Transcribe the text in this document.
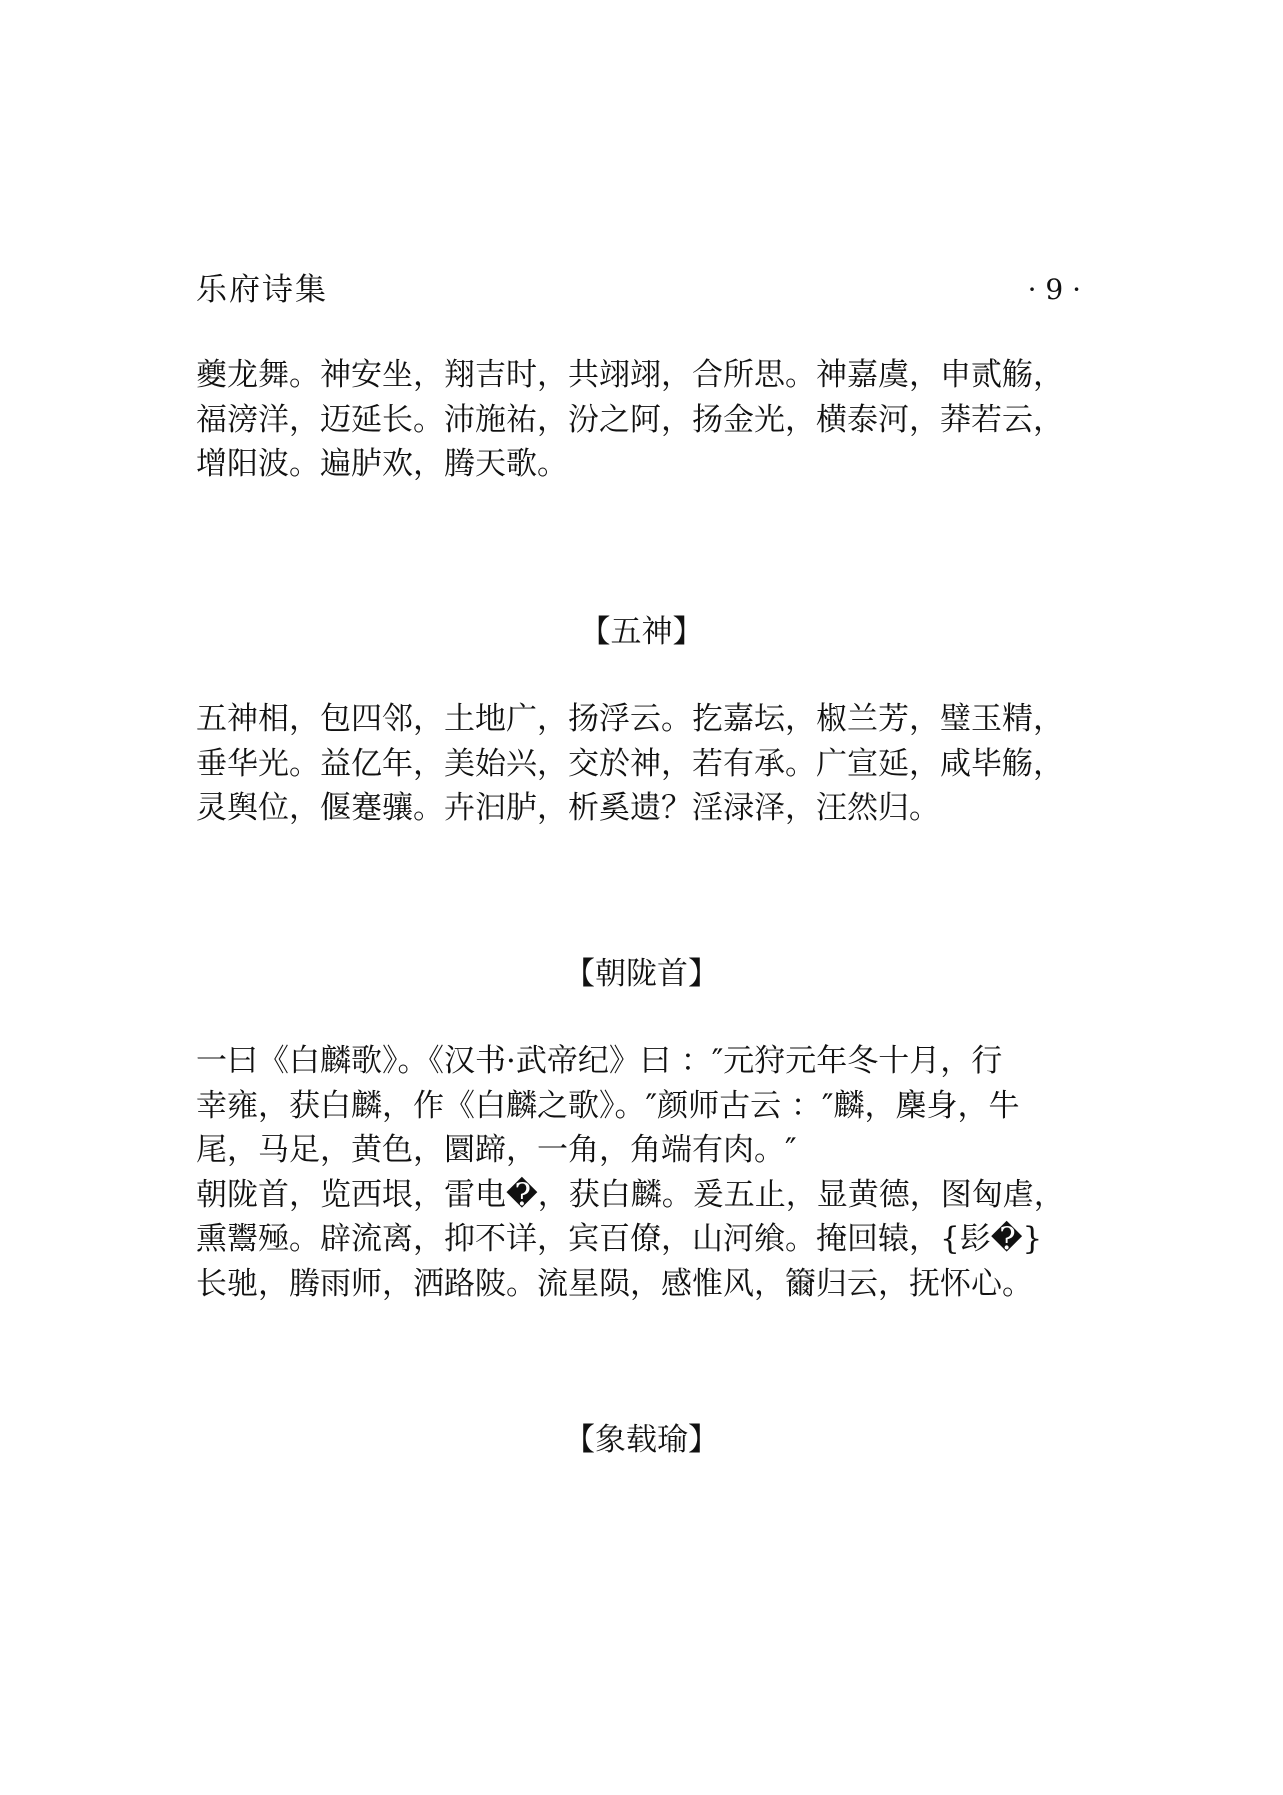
乐府诗集	· 9 ·
夔龙舞。神安坐，翔吉时，共翊翊，合所思。神嘉虞，申贰觞，
福滂洋，迈延长。沛施祐，汾之阿，扬金光，横泰河，莽若云，
增阳波。遍胪欢，腾天歌。
【五神】
五神相，包四邻，土地广，扬浮云。扢嘉坛，椒兰芳，璧玉精，
垂华光。益亿年，美始兴，交於神，若有承。广宣延，咸毕觞，
灵舆位，偃蹇骧。卉汩胪，析奚遗？淫渌泽，汪然归。
【朝陇首】
一曰《白麟歌》。《汉书·武帝纪》曰 ：″元狩元年冬十月，行
幸雍，获白麟，作《白麟之歌》。″颜师古云 ：″麟，麇身，牛
尾，马足，黄色，圜蹄，一角，角端有肉。″
朝陇首，览西垠，雷电�，获白麟。爰五止，显黄德，图匈虐，
熏鬻殛。辟流离，抑不详，宾百僚，山河飨。掩回辕，{髟�}
长驰，腾雨师，洒路陂。流星陨，感惟风，籋归云，抚怀心。
【象载瑜】
